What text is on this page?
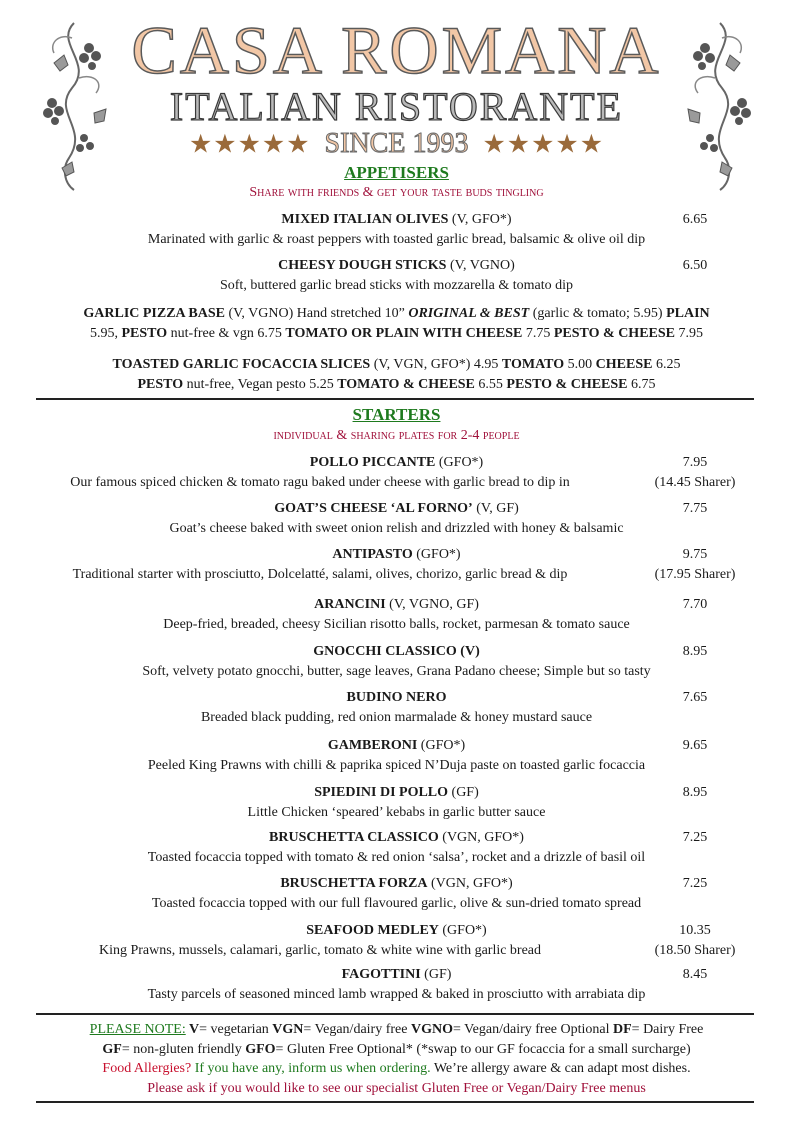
CASA ROMANA
ITALIAN RISTORANTE
★★★★★ SINCE 1993 ★★★★★
APPETISERS
Share with friends & get your taste buds tingling
MIXED ITALIAN OLIVES (V, GFO*)	6.65
Marinated with garlic & roast peppers with toasted garlic bread, balsamic & olive oil dip
CHEESY DOUGH STICKS (V, VGNO)	6.50
Soft, buttered garlic bread sticks with mozzarella & tomato dip
GARLIC PIZZA BASE (V, VGNO) Hand stretched 10” ORIGINAL & BEST (garlic & tomato; 5.95) PLAIN
5.95, PESTO nut-free & vgn 6.75 TOMATO OR PLAIN WITH CHEESE 7.75 PESTO & CHEESE 7.95
TOASTED GARLIC FOCACCIA SLICES (V, VGN, GFO*) 4.95 TOMATO 5.00 CHEESE 6.25
PESTO nut-free, Vegan pesto 5.25 TOMATO & CHEESE 6.55 PESTO & CHEESE 6.75
STARTERS
individual & sharing plates for 2-4 people
POLLO PICCANTE (GFO*)	7.95
(14.45 Sharer)
Our famous spiced chicken & tomato ragu baked under cheese with garlic bread to dip in
GOAT’S CHEESE ‘AL FORNO’ (V, GF)	7.75
Goat’s cheese baked with sweet onion relish and drizzled with honey & balsamic
ANTIPASTO (GFO*)	9.75
(17.95 Sharer)
Traditional starter with prosciutto, Dolcelatté, salami, olives, chorizo, garlic bread & dip
ARANCINI (V, VGNO, GF)	7.70
Deep-fried, breaded, cheesy Sicilian risotto balls, rocket, parmesan & tomato sauce
GNOCCHI CLASSICO (V)	8.95
Soft, velvety potato gnocchi, butter, sage leaves, Grana Padano cheese; Simple but so tasty
BUDINO NERO	7.65
Breaded black pudding, red onion marmalade & honey mustard sauce
GAMBERONI (GFO*)	9.65
Peeled King Prawns with chilli & paprika spiced N’Duja paste on toasted garlic focaccia
SPIEDINI DI POLLO (GF)	8.95
Little Chicken ‘speared’ kebabs in garlic butter sauce
BRUSCHETTA CLASSICO (VGN, GFO*)	7.25
Toasted focaccia topped with tomato & red onion ‘salsa’, rocket and a drizzle of basil oil
BRUSCHETTA FORZA (VGN, GFO*)	7.25
Toasted focaccia topped with our full flavoured garlic, olive & sun-dried tomato spread
SEAFOOD MEDLEY (GFO*)	10.35
(18.50 Sharer)
King Prawns, mussels, calamari, garlic, tomato & white wine with garlic bread
FAGOTTINI (GF)	8.45
Tasty parcels of seasoned minced lamb wrapped & baked in prosciutto with arrabiata dip
PLEASE NOTE: V= vegetarian VGN= Vegan/dairy free VGNO= Vegan/dairy free Optional DF= Dairy Free
GF= non-gluten friendly GFO= Gluten Free Optional* (*swap to our GF focaccia for a small surcharge)
Food Allergies? If you have any, inform us when ordering. We’re allergy aware & can adapt most dishes.
Please ask if you would like to see our specialist Gluten Free or Vegan/Dairy Free menus
